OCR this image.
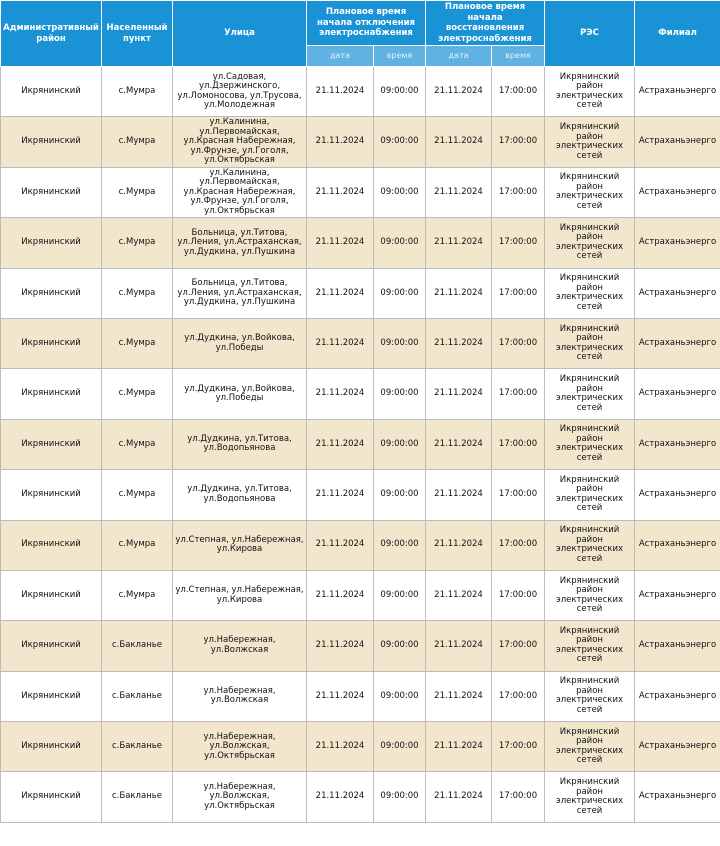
Административный район	Населенный пункт	Улица	Плановое время начала отключения электроснабжения		Плановое время начала восстановления электроснабжения		РЭС	Филиал
			дата	время	дата	время		
Икрянинский	с.Мумра	ул.Садовая, ул.Дзержинского, ул.Ломоносова, ул.Трусова, ул.Молодежная	21.11.2024	09:00:00	21.11.2024	17:00:00	Икрянинский район электрических сетей	Астраханьэнерго
Икрянинский	с.Мумра	ул.Калинина, ул.Первомайская, ул.Красная Набережная, ул.Фрунзе, ул.Гоголя, ул.Октябрьская	21.11.2024	09:00:00	21.11.2024	17:00:00	Икрянинский район электрических сетей	Астраханьэнерго
Икрянинский	с.Мумра	ул.Калинина, ул.Первомайская, ул.Красная Набережная, ул.Фрунзе, ул.Гоголя, ул.Октябрьская	21.11.2024	09:00:00	21.11.2024	17:00:00	Икрянинский район электрических сетей	Астраханьэнерго
Икрянинский	с.Мумра	Больница, ул.Титова, ул.Ления, ул.Астраханская, ул.Дудкина, ул.Пушкина	21.11.2024	09:00:00	21.11.2024	17:00:00	Икрянинский район электрических сетей	Астраханьэнерго
Икрянинский	с.Мумра	Больница, ул.Титова, ул.Ления, ул.Астраханская, ул.Дудкина, ул.Пушкина	21.11.2024	09:00:00	21.11.2024	17:00:00	Икрянинский район электрических сетей	Астраханьэнерго
Икрянинский	с.Мумра	ул.Дудкина, ул.Войкова, ул.Победы	21.11.2024	09:00:00	21.11.2024	17:00:00	Икрянинский район электрических сетей	Астраханьэнерго
Икрянинский	с.Мумра	ул.Дудкина, ул.Войкова, ул.Победы	21.11.2024	09:00:00	21.11.2024	17:00:00	Икрянинский район электрических сетей	Астраханьэнерго
Икрянинский	с.Мумра	ул.Дудкина, ул.Титова, ул.Водопьянова	21.11.2024	09:00:00	21.11.2024	17:00:00	Икрянинский район электрических сетей	Астраханьэнерго
Икрянинский	с.Мумра	ул.Дудкина, ул.Титова, ул.Водопьянова	21.11.2024	09:00:00	21.11.2024	17:00:00	Икрянинский район электрических сетей	Астраханьэнерго
Икрянинский	с.Мумра	ул.Степная, ул.Набережная, ул.Кирова	21.11.2024	09:00:00	21.11.2024	17:00:00	Икрянинский район электрических сетей	Астраханьэнерго
Икрянинский	с.Мумра	ул.Степная, ул.Набережная, ул.Кирова	21.11.2024	09:00:00	21.11.2024	17:00:00	Икрянинский район электрических сетей	Астраханьэнерго
Икрянинский	с.Бакланье	ул.Набережная, ул.Волжская	21.11.2024	09:00:00	21.11.2024	17:00:00	Икрянинский район электрических сетей	Астраханьэнерго
Икрянинский	с.Бакланье	ул.Набережная, ул.Волжская	21.11.2024	09:00:00	21.11.2024	17:00:00	Икрянинский район электрических сетей	Астраханьэнерго
Икрянинский	с.Бакланье	ул.Набережная, ул.Волжская, ул.Октябрьская	21.11.2024	09:00:00	21.11.2024	17:00:00	Икрянинский район электрических сетей	Астраханьэнерго
Икрянинский	с.Бакланье	ул.Набережная, ул.Волжская, ул.Октябрьская	21.11.2024	09:00:00	21.11.2024	17:00:00	Икрянинский район электрических сетей	Астраханьэнерго
